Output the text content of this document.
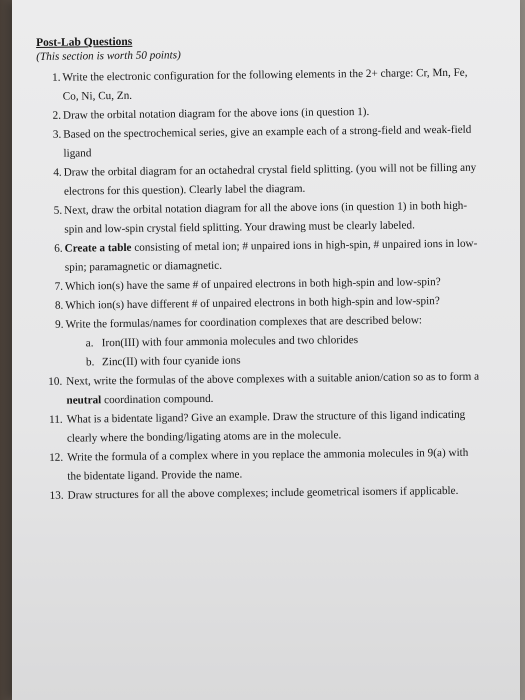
Post-Lab Questions
(This section is worth 50 points)
1. Write the electronic configuration for the following elements in the 2+ charge: Cr, Mn, Fe, Co, Ni, Cu, Zn.
2. Draw the orbital notation diagram for the above ions (in question 1).
3. Based on the spectrochemical series, give an example each of a strong-field and weak-field ligand
4. Draw the orbital diagram for an octahedral crystal field splitting. (you will not be filling any electrons for this question). Clearly label the diagram.
5. Next, draw the orbital notation diagram for all the above ions (in question 1) in both high-spin and low-spin crystal field splitting. Your drawing must be clearly labeled.
6. Create a table consisting of metal ion; # unpaired ions in high-spin, # unpaired ions in low-spin; paramagnetic or diamagnetic.
7. Which ion(s) have the same # of unpaired electrons in both high-spin and low-spin?
8. Which ion(s) have different # of unpaired electrons in both high-spin and low-spin?
9. Write the formulas/names for coordination complexes that are described below:
a. Iron(III) with four ammonia molecules and two chlorides
b. Zinc(II) with four cyanide ions
10. Next, write the formulas of the above complexes with a suitable anion/cation so as to form a neutral coordination compound.
11. What is a bidentate ligand? Give an example. Draw the structure of this ligand indicating clearly where the bonding/ligating atoms are in the molecule.
12. Write the formula of a complex where in you replace the ammonia molecules in 9(a) with the bidentate ligand. Provide the name.
13. Draw structures for all the above complexes; include geometrical isomers if applicable.
